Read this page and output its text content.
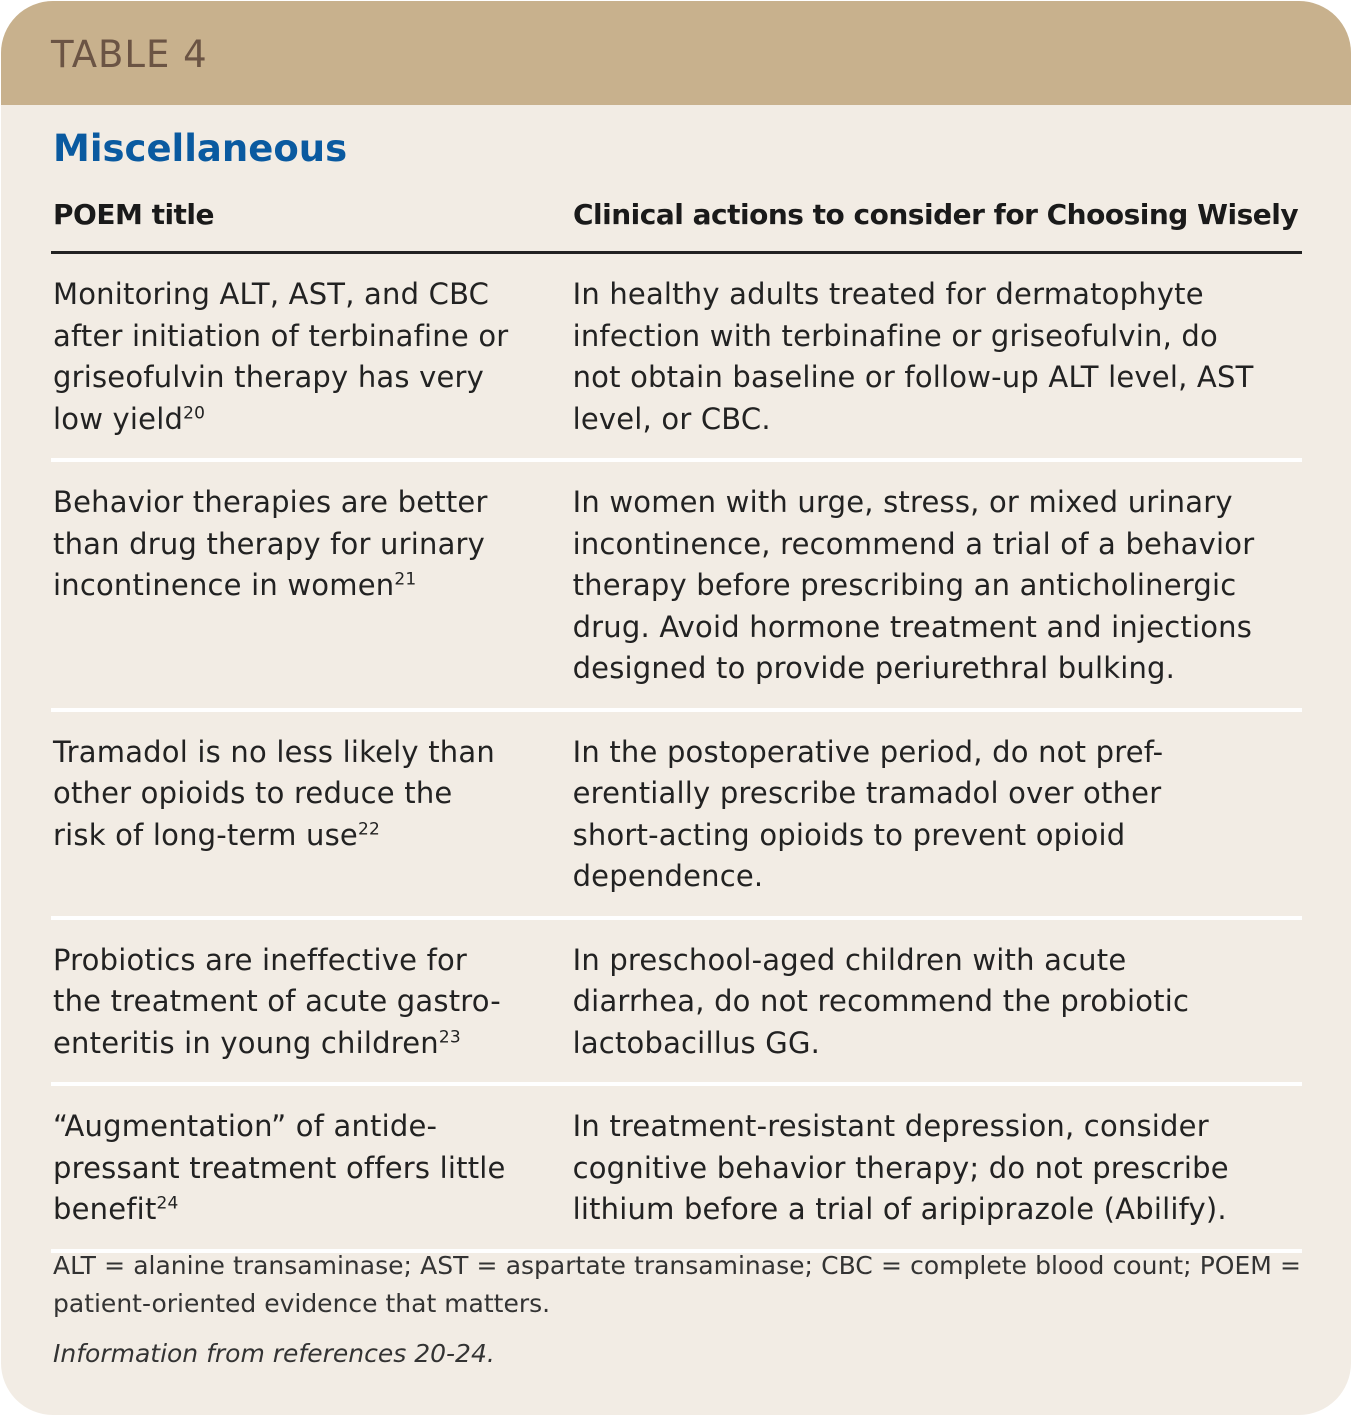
TABLE 4
Miscellaneous
POEM title	Clinical actions to consider for Choosing Wisely
Monitoring ALT, AST, and CBC
after initiation of terbinafine or
griseofulvin therapy has very
low yield$^{20}$
In healthy adults treated for dermatophyte
infection with terbinafine or griseofulvin, do
not obtain baseline or follow-up ALT level, AST
level, or CBC.
Behavior therapies are better
than drug therapy for urinary
incontinence in women$^{21}$
In women with urge, stress, or mixed urinary
incontinence, recommend a trial of a behavior
therapy before prescribing an anticholinergic
drug. Avoid hormone treatment and injections
designed to provide periurethral bulking.
Tramadol is no less likely than
other opioids to reduce the
risk of long-term use$^{22}$
In the postoperative period, do not pref-
erentially prescribe tramadol over other
short-acting opioids to prevent opioid
dependence.
Probiotics are ineffective for
the treatment of acute gastro-
enteritis in young children$^{23}$
In preschool-aged children with acute
diarrhea, do not recommend the probiotic
lactobacillus GG.
“Augmentation” of antide-
pressant treatment offers little
benefit$^{24}$
In treatment-resistant depression, consider
cognitive behavior therapy; do not prescribe
lithium before a trial of aripiprazole (Abilify).
ALT = alanine transaminase; AST = aspartate transaminase; CBC = complete blood count; POEM = patient-oriented evidence that matters.
Information from references 20-24.
